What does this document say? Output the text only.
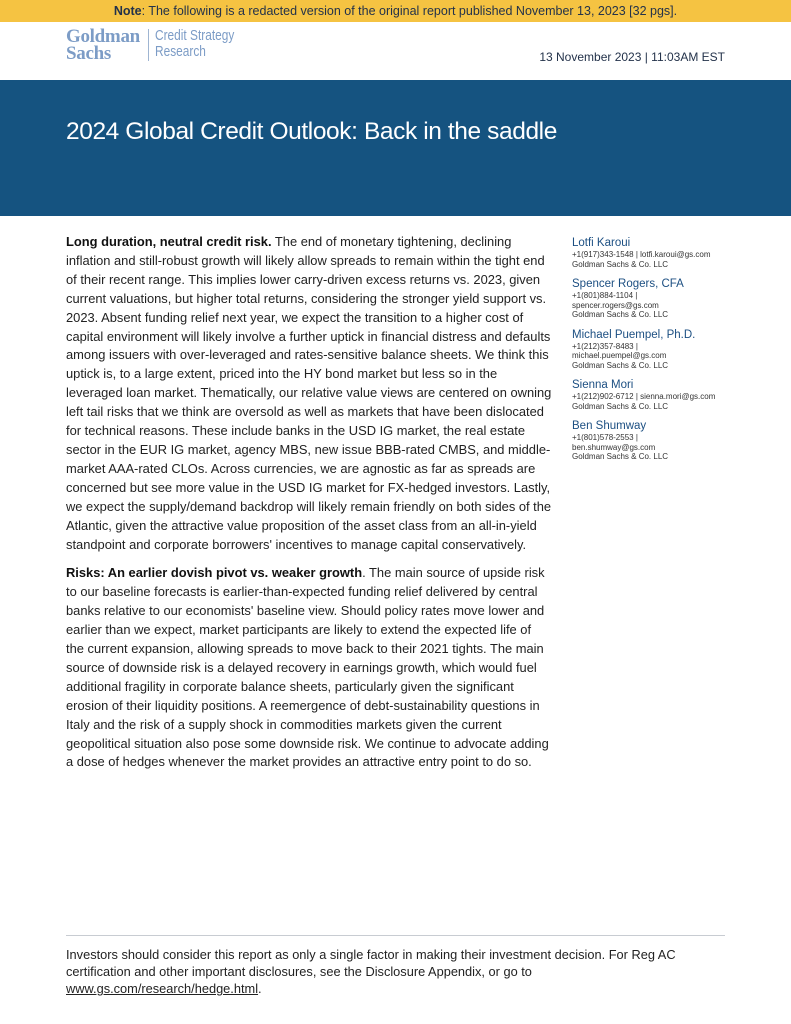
Note: The following is a redacted version of the original report published November 13, 2023 [32 pgs].
Goldman
Sachs
Credit Strategy
Research	13 November 2023 | 11:03AM EST
2024 Global Credit Outlook: Back in the saddle

Long duration, neutral credit risk. The end of monetary tightening, declining inflation and still-robust growth will likely allow spreads to remain within the tight end of their recent range. This implies lower carry-driven excess returns vs. 2023, given current valuations, but higher total returns, considering the stronger yield support vs. 2023. Absent funding relief next year, we expect the transition to a higher cost of capital environment will likely involve a further uptick in financial distress and defaults among issuers with over-leveraged and rates-sensitive balance sheets. We think this uptick is, to a large extent, priced into the HY bond market but less so in the leveraged loan market. Thematically, our relative value views are centered on owning left tail risks that we think are oversold as well as markets that have been dislocated for technical reasons. These include banks in the USD IG market, the real estate sector in the EUR IG market, agency MBS, new issue BBB-rated CMBS, and middle-market AAA-rated CLOs. Across currencies, we are agnostic as far as spreads are concerned but see more value in the USD IG market for FX-hedged investors. Lastly, we expect the supply/demand backdrop will likely remain friendly on both sides of the Atlantic, given the attractive value proposition of the asset class from an all-in-yield standpoint and corporate borrowers' incentives to manage capital conservatively.

Risks: An earlier dovish pivot vs. weaker growth. The main source of upside risk to our baseline forecasts is earlier-than-expected funding relief delivered by central banks relative to our economists' baseline view. Should policy rates move lower and earlier than we expect, market participants are likely to extend the expected life of the current expansion, allowing spreads to move back to their 2021 tights. The main source of downside risk is a delayed recovery in earnings growth, which would fuel additional fragility in corporate balance sheets, particularly given the significant erosion of their liquidity positions. A reemergence of debt-sustainability questions in Italy and the risk of a supply shock in commodities markets given the current geopolitical situation also pose some downside risk. We continue to advocate adding a dose of hedges whenever the market provides an attractive entry point to do so.

Lotfi Karoui
+1(917)343-1548 | lotfi.karoui@gs.com
Goldman Sachs & Co. LLC
Spencer Rogers, CFA
+1(801)884-1104 |
spencer.rogers@gs.com
Goldman Sachs & Co. LLC
Michael Puempel, Ph.D.
+1(212)357-8483 |
michael.puempel@gs.com
Goldman Sachs & Co. LLC
Sienna Mori
+1(212)902-6712 | sienna.mori@gs.com
Goldman Sachs & Co. LLC
Ben Shumway
+1(801)578-2553 |
ben.shumway@gs.com
Goldman Sachs & Co. LLC
Investors should consider this report as only a single factor in making their investment decision. For Reg AC certification and other important disclosures, see the Disclosure Appendix, or go to www.gs.com/research/hedge.html.
